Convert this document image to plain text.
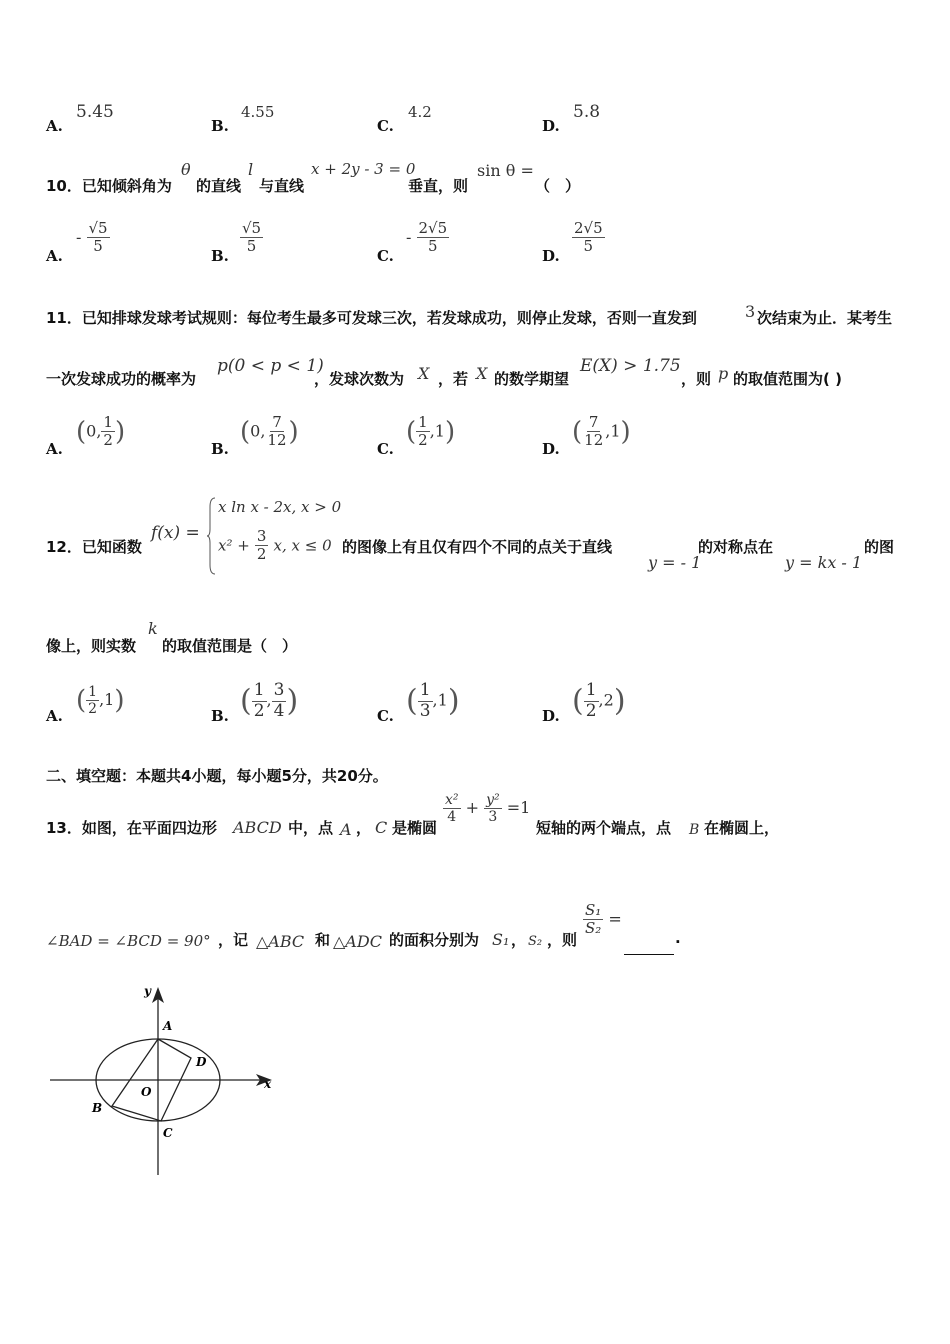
A.
5.45
B.
4.55
C.
4.2
D.
5.8
10．已知倾斜角为
θ
的直线
l
与直线
x + 2y - 3 = 0
垂直，则
sin θ =
（　）
A.
- $\frac{√5}{5}$
B.
$\frac{√5}{5}$
C.
- $\frac{2√5}{5}$
D.
$\frac{2√5}{5}$
11．已知排球发球考试规则：每位考生最多可发球三次，若发球成功，则停止发球，否则一直发到	3 次结束为止．某考生
一次发球成功的概率为
p(0 < p < 1)
，发球次数为 X ，若 X 的数学期望
E(X) > 1.75
，则 p 的取值范围为( )
A.
(0, $\frac{1}{2}$ )
B.
(0, $\frac{7}{12}$ )
C.
( $\frac{1}{2} ,1$)
D.
( $\frac{7}{12} ,1$)
12．已知函数
f(x) =
x ln x - 2x, x > 0
$x^2 + \frac{3}{2} x$, x ≤ 0 的图像上有且仅有四个不同的点关于直线
y = - 1
的对称点在
y = kx - 1
的图
像上，则实数
k
的取值范围是（　）
A.
( $\frac{1}{2} ,1$)
B. ( $\frac{1}{2}$ , $\frac{3}{4}$ )	C. ( $\frac{1}{3} ,1$)	D. ( $\frac{1}{2} ,2$)
二、填空题：本题共4小题，每小题5分，共20分。
13．如图，在平面四边形 ABCD 中，点 A ， C 是椭圆
$\frac{\text{x²}}{4} + \frac{\text{y²}}{3} =1$
短轴的两个端点，点 B 在椭圆上，
∠BAD = ∠BCD = 90° ，记 △ABC 和 △ADC 的面积分别为 S₁ ， S₂ ，则
$\frac{\text{S₁}}{\text{S₂}}$ =
.
x
y
A
D
O
B
C
